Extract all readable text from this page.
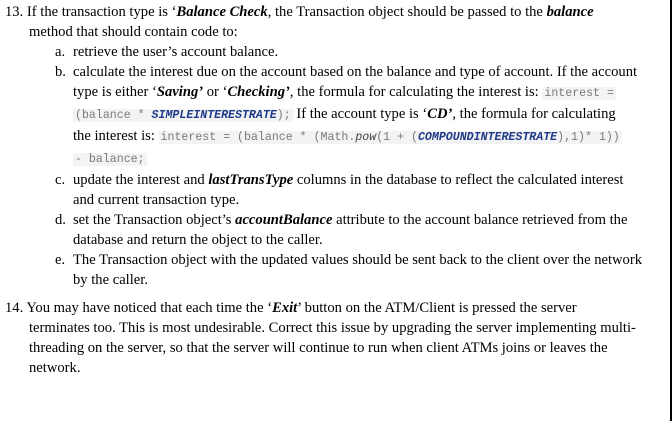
13. If the transaction type is ‘Balance Check, the Transaction object should be passed to the balance
method that should contain code to:
a. retrieve the user’s account balance.
b. calculate the interest due on the account based on the balance and type of account. If the account
type is either ‘Saving’ or ‘Checking’, the formula for calculating the interest is: interest =
(balance * SIMPLEINTERESTRATE); If the account type is ‘CD’, the formula for calculating
the interest is: interest = (balance * (Math.pow(1 + (COMPOUNDINTERESTRATE),1)* 1))
- balance;
c. update the interest and lastTransType columns in the database to reflect the calculated interest
and current transaction type.
d. set the Transaction object’s accountBalance attribute to the account balance retrieved from the
database and return the object to the caller.
e. The Transaction object with the updated values should be sent back to the client over the network
by the caller.
14. You may have noticed that each time the ‘Exit’ button on the ATM/Client is pressed the server
terminates too. This is most undesirable. Correct this issue by upgrading the server implementing multi-
threading on the server, so that the server will continue to run when client ATMs joins or leaves the
network.
